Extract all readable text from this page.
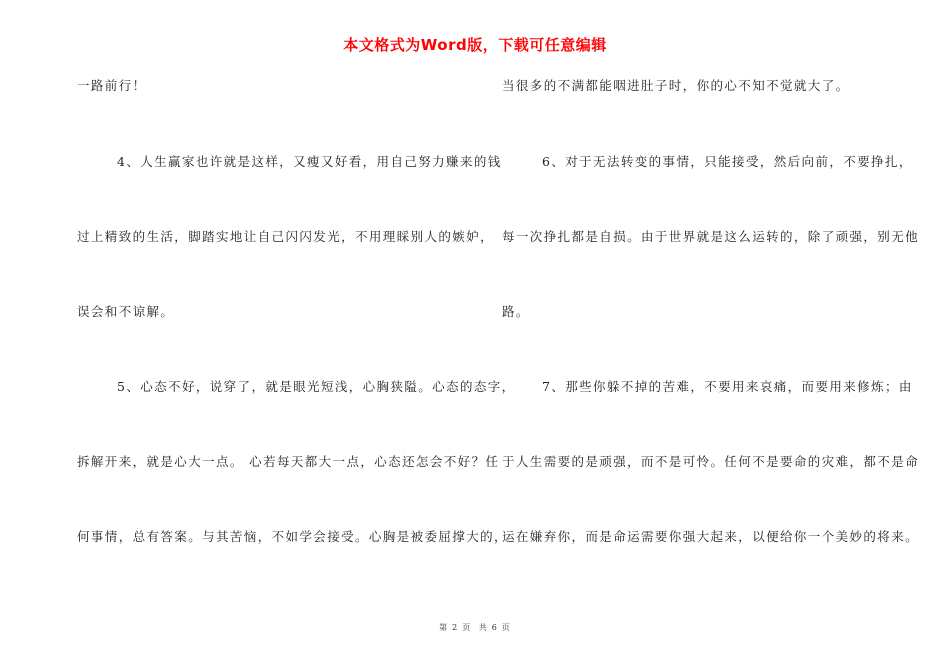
本文格式为Word版，下载可任意编辑
一路前行！
4、人生赢家也许就是这样，又瘦又好看，用自己努力赚来的钱
过上精致的生活，脚踏实地让自己闪闪发光，不用理睬别人的嫉妒，
误会和不谅解。
5、心态不好，说穿了，就是眼光短浅，心胸狭隘。心态的态字，
拆解开来，就是心大一点。 心若每天都大一点，心态还怎会不好？任
何事情，总有答案。与其苦恼，不如学会接受。心胸是被委屈撑大的，
当很多的不满都能咽进肚子时，你的心不知不觉就大了。
6、对于无法转变的事情，只能接受，然后向前，不要挣扎，
每一次挣扎都是自损。由于世界就是这么运转的，除了顽强，别无他
路。
7、那些你躲不掉的苦难，不要用来哀痛，而要用来修炼；由
于人生需要的是顽强，而不是可怜。任何不是要命的灾难，都不是命
运在嫌弃你，而是命运需要你强大起来，以便给你一个美妙的将来。
第 2 页 共 6 页
